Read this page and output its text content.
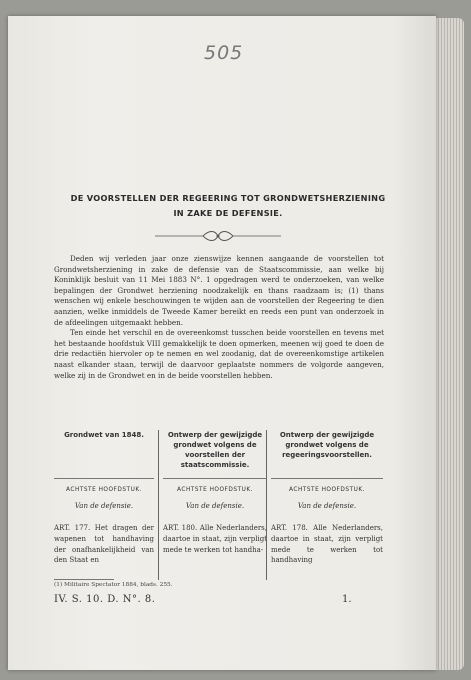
505
DE VOORSTELLEN DER REGEERING TOT GRONDWETSHERZIENING
IN ZAKE DE DEFENSIE.

Deden wij verleden jaar onze zienswijze kennen aangaande de voorstellen tot Grondwetsherziening in zake de defensie van de Staatscommissie, aan welke bij Koninklijk besluit van 11 Mei 1883 N°. 1 opgedragen werd te onderzoeken, van welke bepalingen der Grondwet herziening noodzakelijk en thans raadzaam is; (1) thans wenschen wij enkele beschouwingen te wijden aan de voorstellen der Regeering te dien aanzien, welke inmiddels de Tweede Kamer bereikt en reeds een punt van onderzoek in de afdeelingen uitgemaakt hebben.

Ten einde het verschil en de overeenkomst tusschen beide voorstellen en tevens met het bestaande hoofdstuk VIII gemakkelijk te doen opmerken, meenen wij goed te doen de drie redactiën hiervoler op te nemen en wel zoodanig, dat de overeenkomstige artikelen naast elkander staan, terwijl de daarvoor geplaatste nommers de volgorde aangeven, welke zij in de Grondwet en in de beide voorstellen hebben.

Grondwet van 1848.
ACHTSTE HOOFDSTUK.
Van de defensie.
ART. 177. Het dragen der wapenen tot handhaving der onafhankelijkheid van den Staat en
Ontwerp der gewijzigde grondwet volgens de voorstellen der staatscommissie.
ACHTSTE HOOFDSTUK.
Van de defensie.
ART. 180. Alle Nederlanders, daartoe in staat, zijn verpligt mede te werken tot handha-
Ontwerp der gewijzigde grondwet volgens de regeeringsvoorstellen.
ACHTSTE HOOFDSTUK.
Van de defensie.
ART. 178. Alle Nederlanders, daartoe in staat, zijn verpligt mede te werken tot handhaving
(1) Militaire Spectator 1884, blads. 255.
IV. S. 10. D. N°. 8.	1.
